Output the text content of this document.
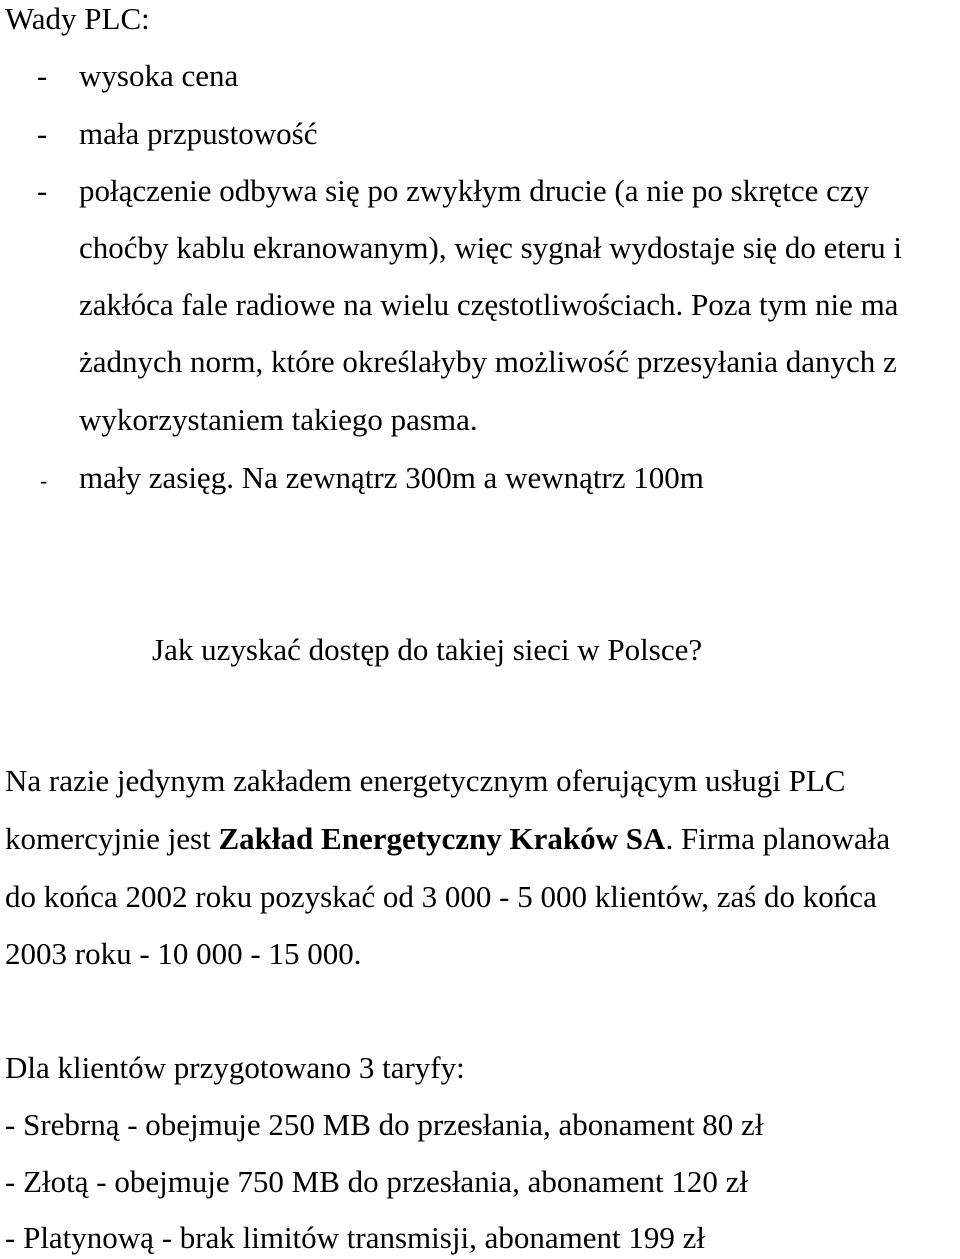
Wady PLC:
- wysoka cena
- mała przpustowość
- połączenie odbywa się po zwykłym drucie (a nie po skrętce czy
choćby kablu ekranowanym), więc sygnał wydostaje się do eteru i
zakłóca fale radiowe na wielu częstotliwościach. Poza tym nie ma
żadnych norm, które określałyby możliwość przesyłania danych z
wykorzystaniem takiego pasma.
- mały zasięg. Na zewnątrz 300m a wewnątrz 100m
Jak uzyskać dostęp do takiej sieci w Polsce?
Na razie jedynym zakładem energetycznym oferującym usługi PLC
komercyjnie jest Zakład Energetyczny Kraków SA. Firma planowała
do końca 2002 roku pozyskać od 3 000 - 5 000 klientów, zaś do końca
2003 roku - 10 000 - 15 000.
Dla klientów przygotowano 3 taryfy:
- Srebrną - obejmuje 250 MB do przesłania, abonament 80 zł
- Złotą - obejmuje 750 MB do przesłania, abonament 120 zł
- Platynową - brak limitów transmisji, abonament 199 zł
